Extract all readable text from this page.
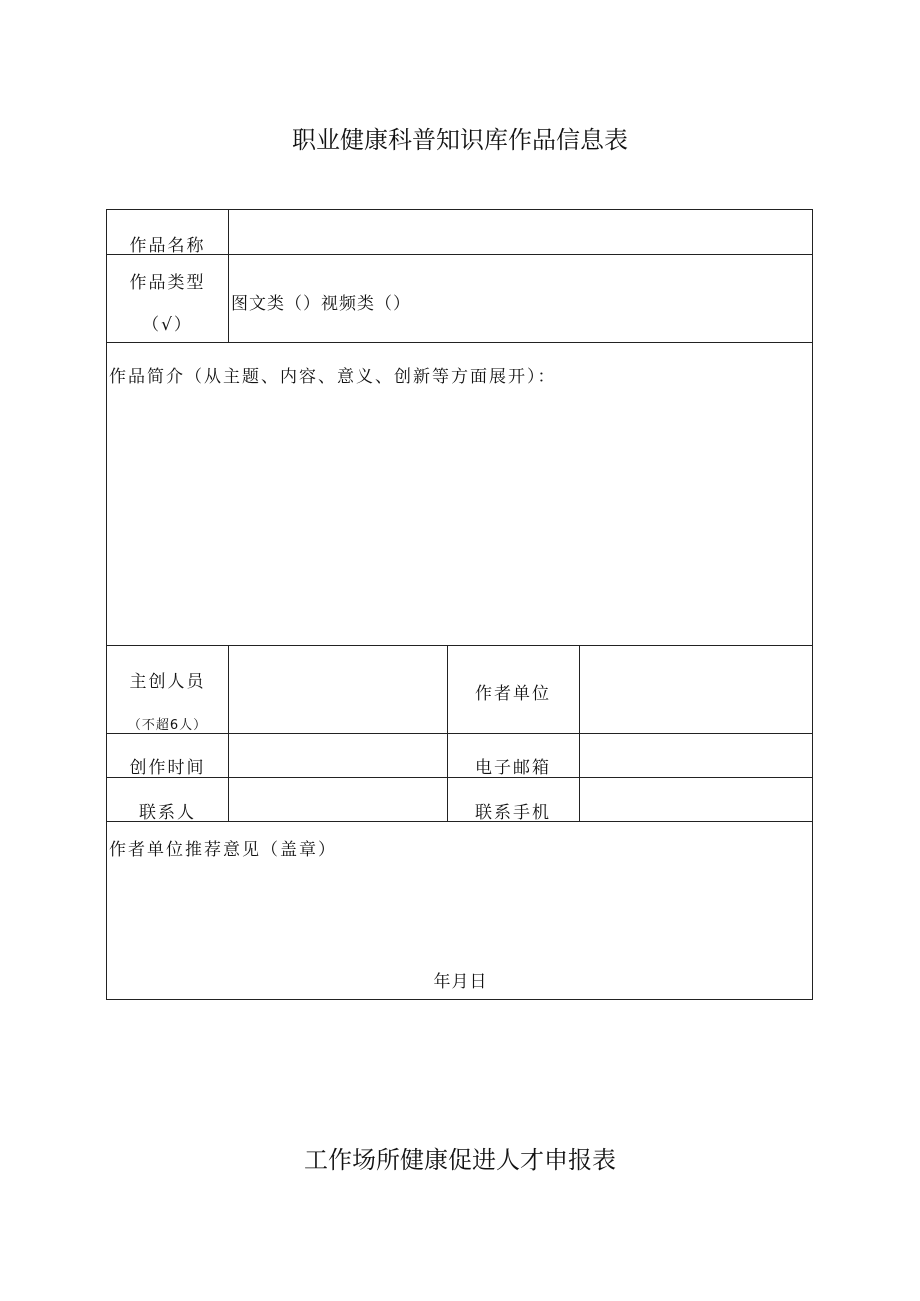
职业健康科普知识库作品信息表
作品名称
作品类型
（√）
图文类（）视频类（）
作品简介（从主题、内容、意义、创新等方面展开）：
主创人员
（不超6人）
作者单位
创作时间	电子邮箱
联系人	联系手机
作者单位推荐意见（盖章）
年月日
工作场所健康促进人才申报表
